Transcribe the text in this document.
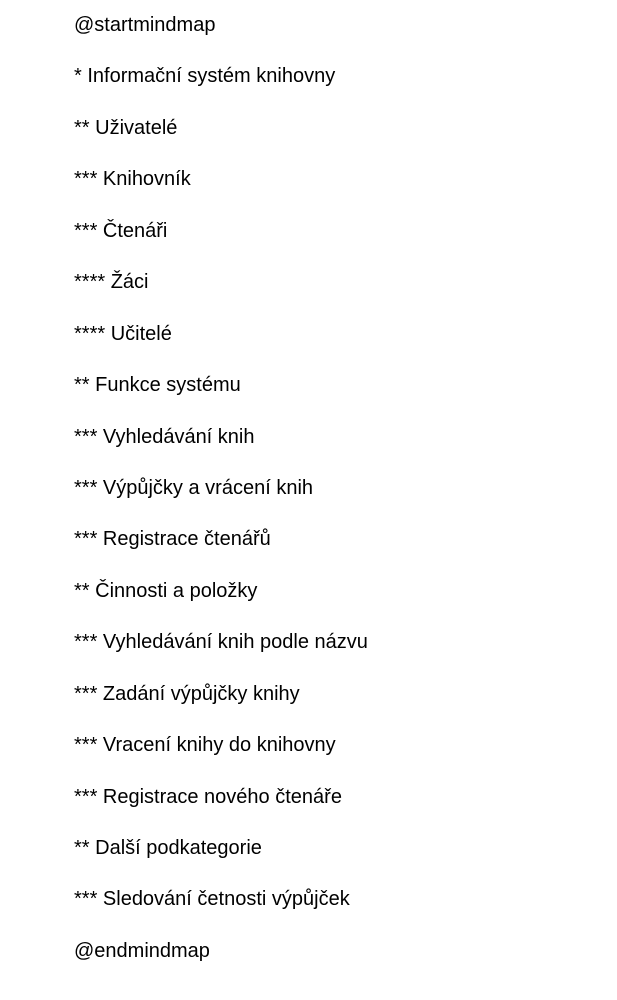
@startmindmap
* Informační systém knihovny
** Uživatelé
*** Knihovník
*** Čtenáři
**** Žáci
**** Učitelé
** Funkce systému
*** Vyhledávání knih
*** Výpůjčky a vrácení knih
*** Registrace čtenářů
** Činnosti a položky
*** Vyhledávání knih podle názvu
*** Zadání výpůjčky knihy
*** Vracení knihy do knihovny
*** Registrace nového čtenáře
** Další podkategorie
*** Sledování četnosti výpůjček
@endmindmap
